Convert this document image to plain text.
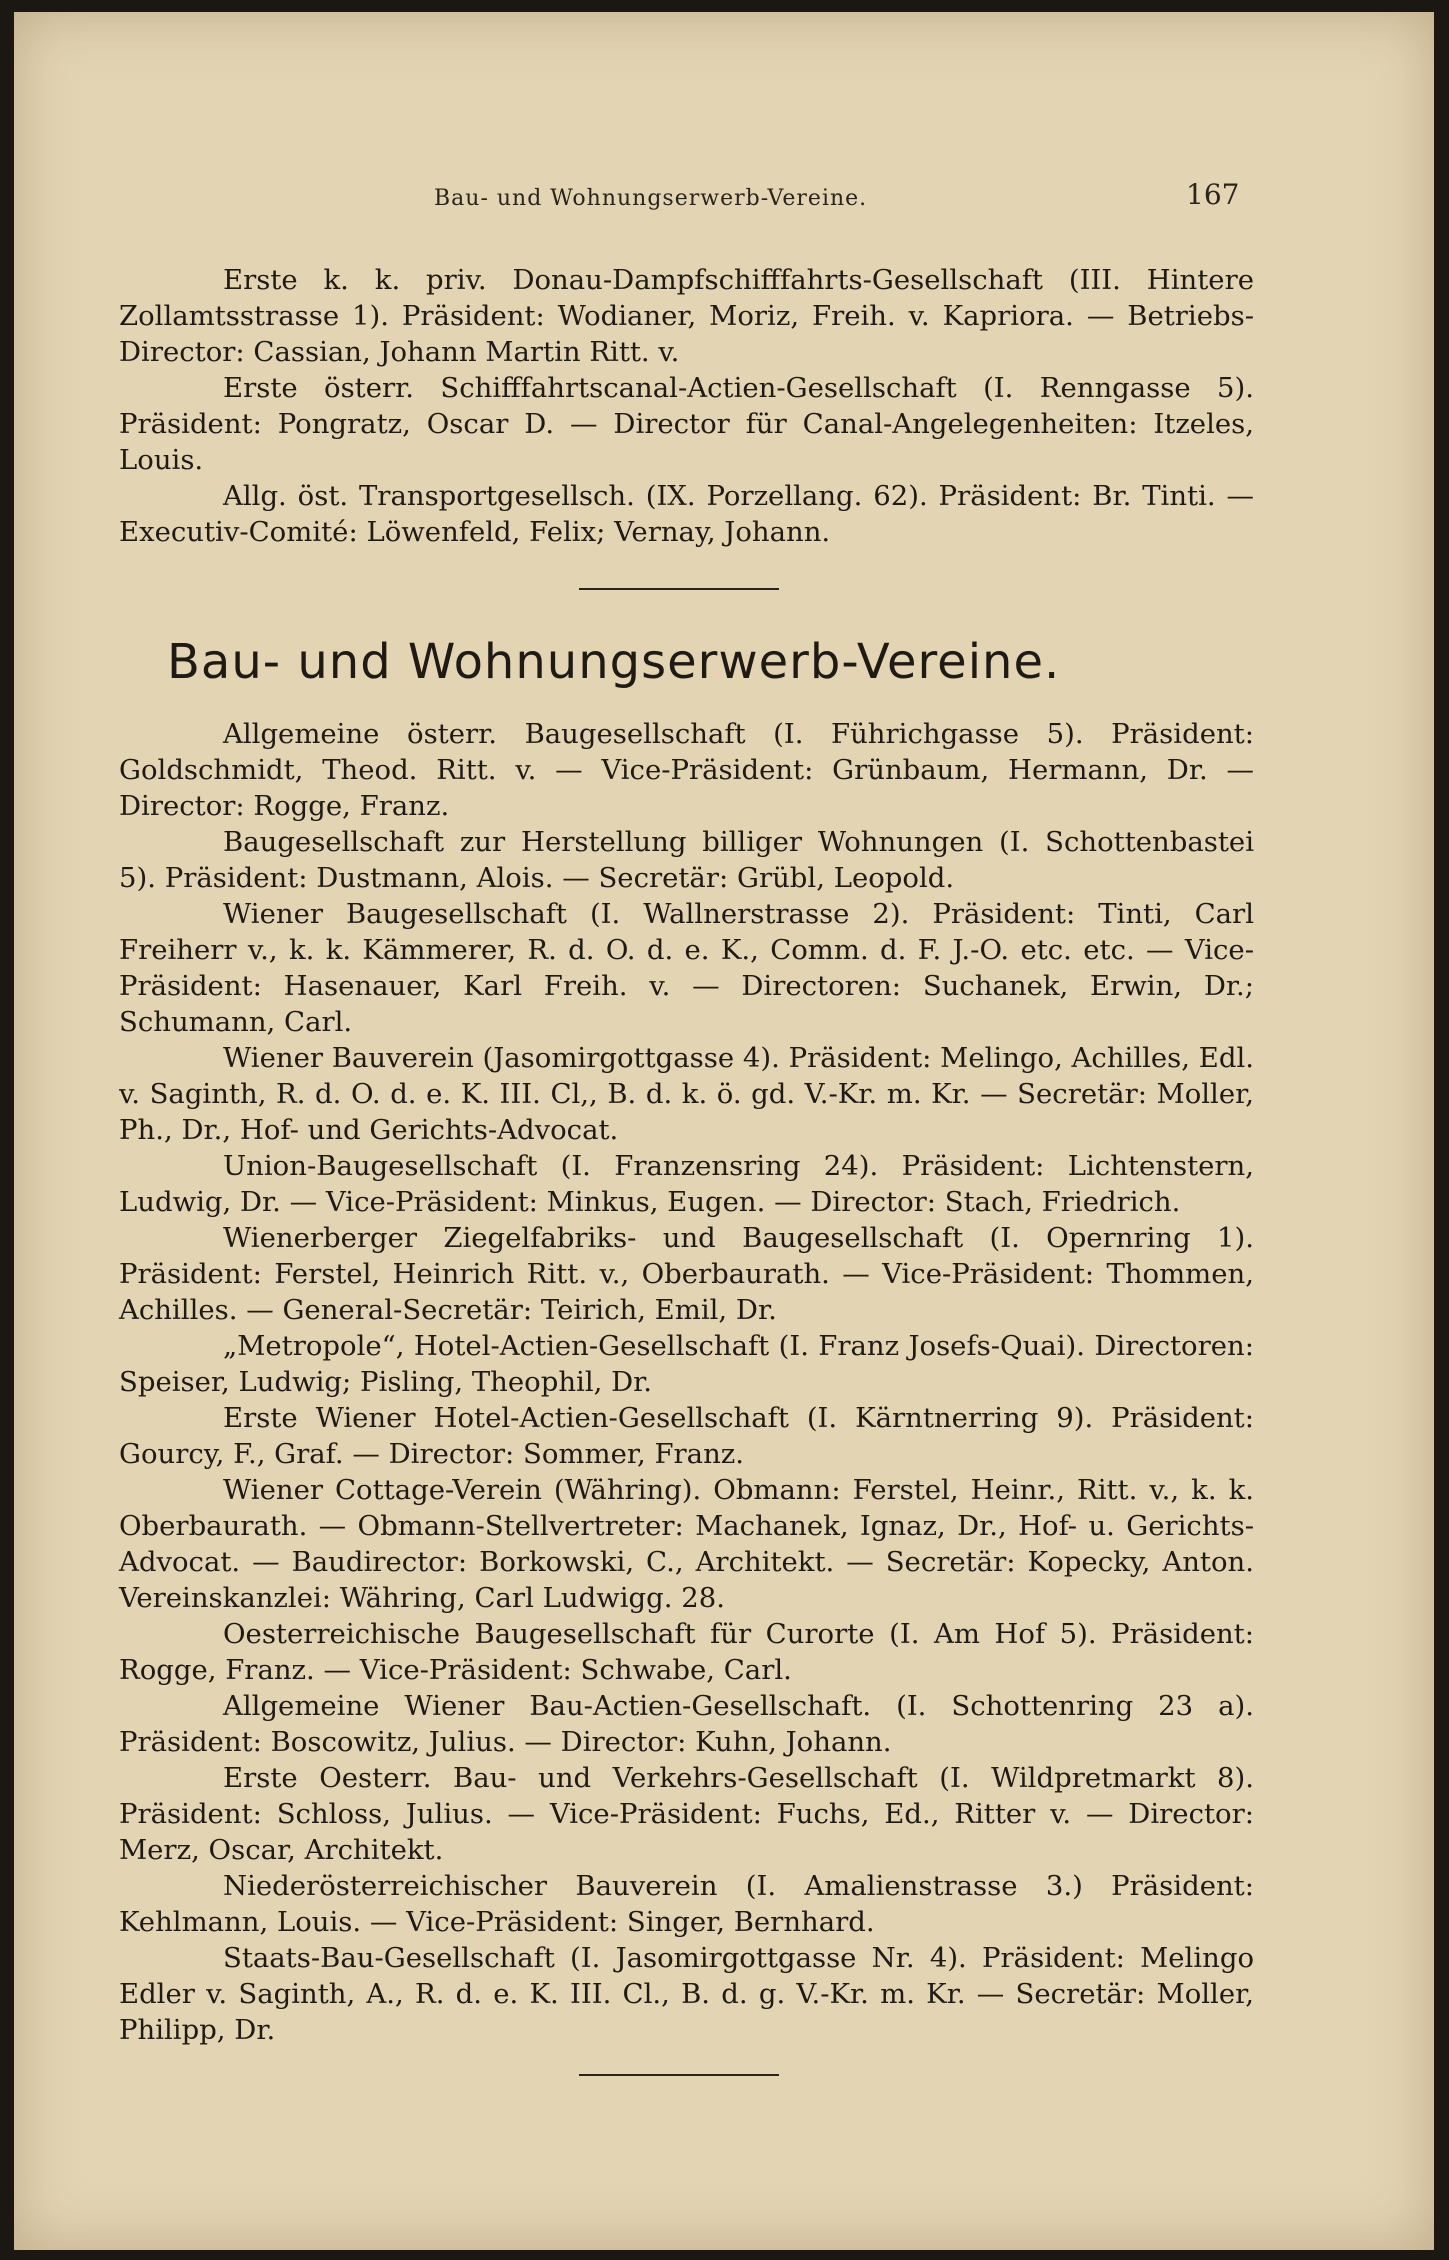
Bau- und Wohnungserwerb-Vereine.	167

Erste k. k. priv. Donau-Dampfschifffahrts-Gesellschaft (III. Hintere Zollamtsstrasse 1). Präsident: Wodianer, Moriz, Freih. v. Kapriora. — Betriebs-Director: Cassian, Johann Martin Ritt. v.

Erste österr. Schifffahrtscanal-Actien-Gesellschaft (I. Renngasse 5). Präsident: Pongratz, Oscar D. — Director für Canal-Angelegenheiten: Itzeles, Louis.

Allg. öst. Transportgesellsch. (IX. Porzellang. 62). Präsident: Br. Tinti. — Executiv-Comité: Löwenfeld, Felix; Vernay, Johann.

Bau- und Wohnungserwerb-Vereine.

Allgemeine österr. Baugesellschaft (I. Führichgasse 5). Präsident: Goldschmidt, Theod. Ritt. v. — Vice-Präsident: Grünbaum, Hermann, Dr. — Director: Rogge, Franz.

Baugesellschaft zur Herstellung billiger Wohnungen (I. Schottenbastei 5). Präsident: Dustmann, Alois. — Secretär: Grübl, Leopold.

Wiener Baugesellschaft (I. Wallnerstrasse 2). Präsident: Tinti, Carl Freiherr v., k. k. Kämmerer, R. d. O. d. e. K., Comm. d. F. J.-O. etc. etc. — Vice-Präsident: Hasenauer, Karl Freih. v. — Directoren: Suchanek, Erwin, Dr.; Schumann, Carl.

Wiener Bauverein (Jasomirgottgasse 4). Präsident: Melingo, Achilles, Edl. v. Saginth, R. d. O. d. e. K. III. Cl,, B. d. k. ö. gd. V.-Kr. m. Kr. — Secretär: Moller, Ph., Dr., Hof- und Gerichts-Advocat.

Union-Baugesellschaft (I. Franzensring 24). Präsident: Lichtenstern, Ludwig, Dr. — Vice-Präsident: Minkus, Eugen. — Director: Stach, Friedrich.

Wienerberger Ziegelfabriks- und Baugesellschaft (I. Opernring 1). Präsident: Ferstel, Heinrich Ritt. v., Oberbaurath. — Vice-Präsident: Thommen, Achilles. — General-Secretär: Teirich, Emil, Dr.

„Metropole“, Hotel-Actien-Gesellschaft (I. Franz Josefs-Quai). Directoren: Speiser, Ludwig; Pisling, Theophil, Dr.

Erste Wiener Hotel-Actien-Gesellschaft (I. Kärntnerring 9). Präsident: Gourcy, F., Graf. — Director: Sommer, Franz.

Wiener Cottage-Verein (Währing). Obmann: Ferstel, Heinr., Ritt. v., k. k. Oberbaurath. — Obmann-Stellvertreter: Machanek, Ignaz, Dr., Hof- u. Gerichts-Advocat. — Baudirector: Borkowski, C., Architekt. — Secretär: Kopecky, Anton. Vereinskanzlei: Währing, Carl Ludwigg. 28.

Oesterreichische Baugesellschaft für Curorte (I. Am Hof 5). Präsident: Rogge, Franz. — Vice-Präsident: Schwabe, Carl.

Allgemeine Wiener Bau-Actien-Gesellschaft. (I. Schottenring 23 a). Präsident: Boscowitz, Julius. — Director: Kuhn, Johann.

Erste Oesterr. Bau- und Verkehrs-Gesellschaft (I. Wildpretmarkt 8). Präsident: Schloss, Julius. — Vice-Präsident: Fuchs, Ed., Ritter v. — Director: Merz, Oscar, Architekt.

Niederösterreichischer Bauverein (I. Amalienstrasse 3.) Präsident: Kehlmann, Louis. — Vice-Präsident: Singer, Bernhard.

Staats-Bau-Gesellschaft (I. Jasomirgottgasse Nr. 4). Präsident: Melingo Edler v. Saginth, A., R. d. e. K. III. Cl., B. d. g. V.-Kr. m. Kr. — Secretär: Moller, Philipp, Dr.
